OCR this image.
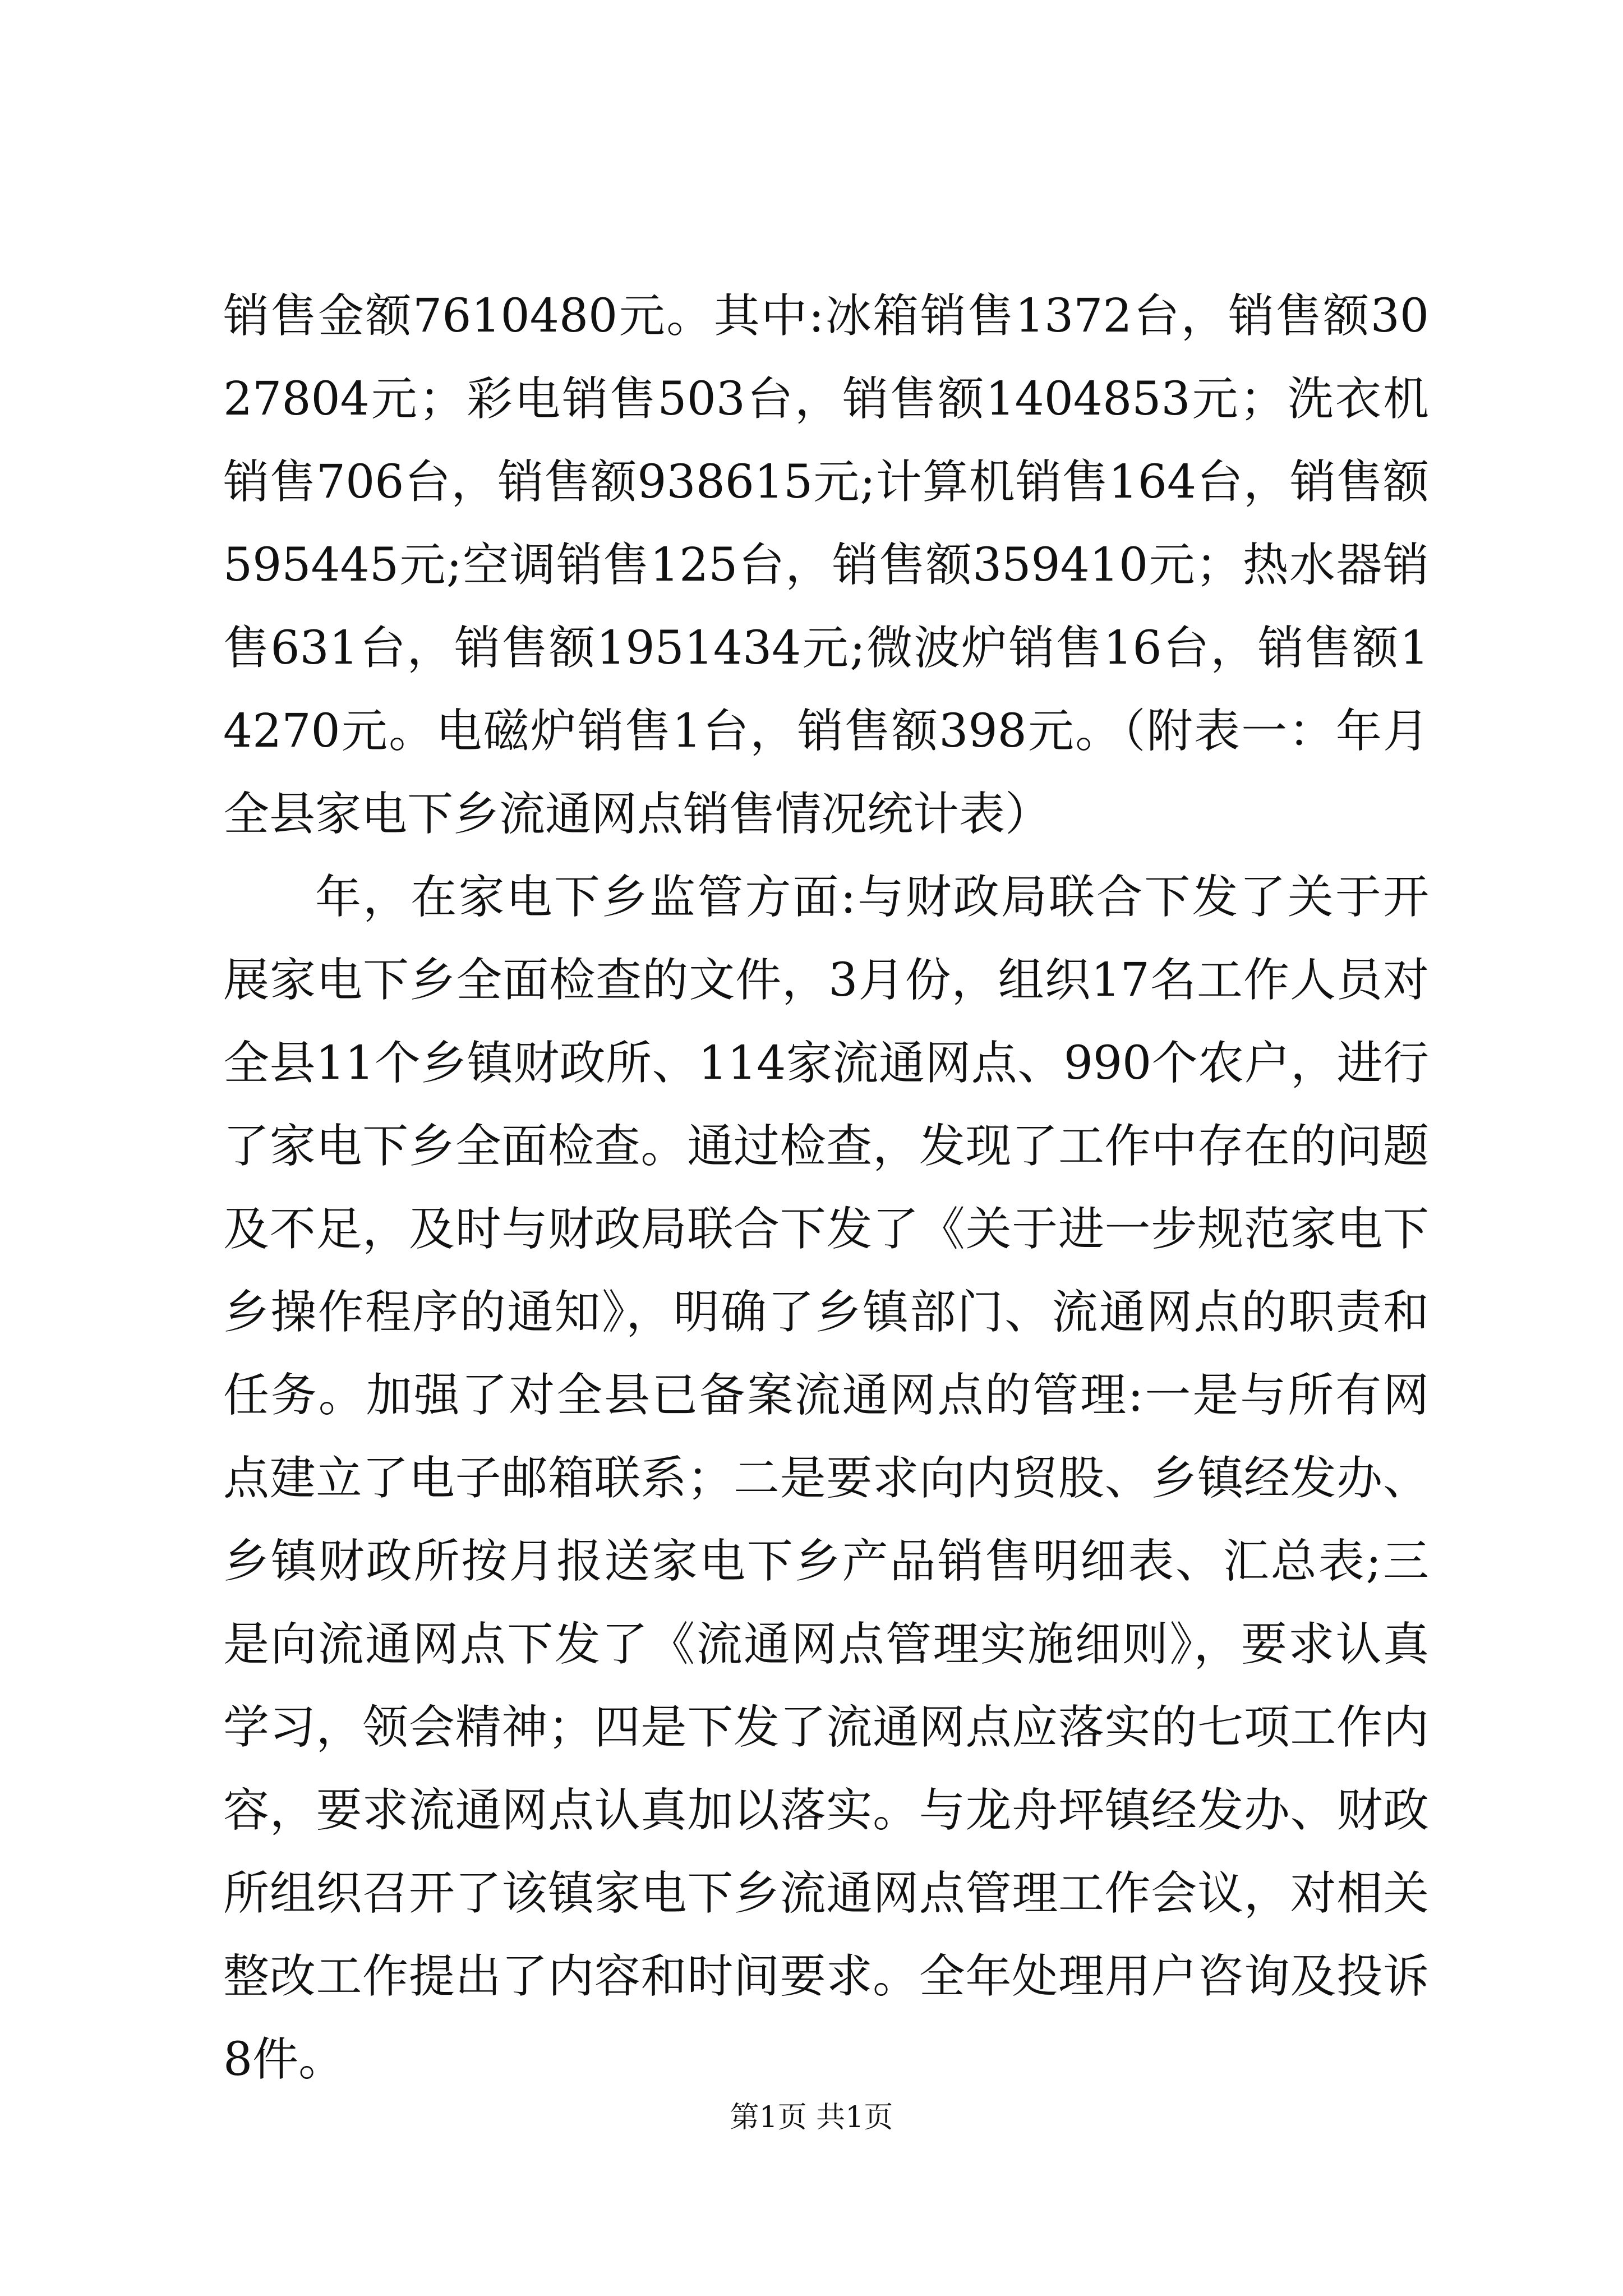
销售金额7610480元。其中:冰箱销售1372台，销售额3027804元；彩电销售503台，销售额1404853元；洗衣机销售706台，销售额938615元;计算机销售164台，销售额595445元;空调销售125台，销售额359410元；热水器销售631台，销售额1951434元;微波炉销售16台，销售额14270元。电磁炉销售1台，销售额398元。（附表一：年月全县家电下乡流通网点销售情况统计表）

年，在家电下乡监管方面:与财政局联合下发了关于开展家电下乡全面检查的文件，3月份，组织17名工作人员对全县11个乡镇财政所、114家流通网点、990个农户，进行了家电下乡全面检查。通过检查，发现了工作中存在的问题及不足，及时与财政局联合下发了《关于进一步规范家电下乡操作程序的通知》，明确了乡镇部门、流通网点的职责和任务。加强了对全县已备案流通网点的管理:一是与所有网点建立了电子邮箱联系；二是要求向内贸股、乡镇经发办、乡镇财政所按月报送家电下乡产品销售明细表、汇总表;三是向流通网点下发了《流通网点管理实施细则》，要求认真学习，领会精神；四是下发了流通网点应落实的七项工作内容，要求流通网点认真加以落实。与龙舟坪镇经发办、财政所组织召开了该镇家电下乡流通网点管理工作会议，对相关整改工作提出了内容和时间要求。全年处理用户咨询及投诉8件。

第1页 共1页
